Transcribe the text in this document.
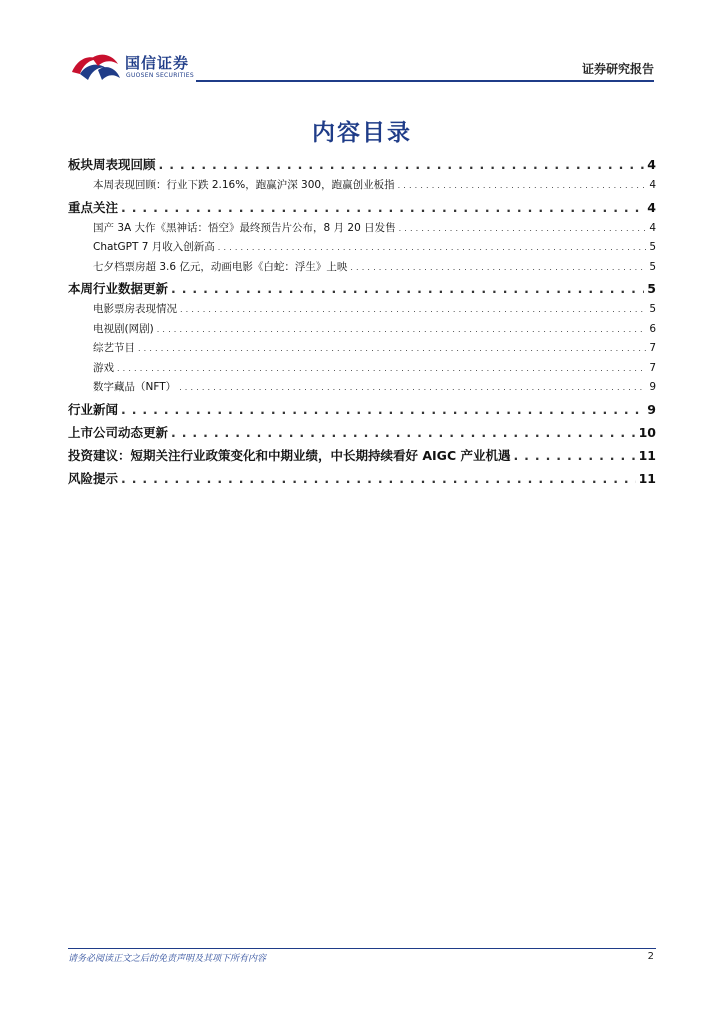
国信证券
GUOSEN SECURITIES	证券研究报告
内容目录
板块周表现回顾 . . .	4
本周表现回顾：行业下跌 2.16%，跑赢沪深 300，跑赢创业板指 . . .	4
重点关注 . . .	4
国产 3A 大作《黑神话：悟空》最终预告片公布，8 月 20 日发售 . . .	4
ChatGPT 7 月收入创新高 . . .	5
七夕档票房超 3.6 亿元，动画电影《白蛇：浮生》上映 . . .	5
本周行业数据更新 . . .	5
电影票房表现情况 . . .	5
电视剧(网剧) . . .	6
综艺节目 . . .	7
游戏 . . .	7
数字藏品（NFT） . . .	9
行业新闻 . . .	9
上市公司动态更新 . . .	10
投资建议：短期关注行业政策变化和中期业绩，中长期持续看好 AIGC 产业机遇 . . .	11
风险提示 . . .	11
请务必阅读正文之后的免责声明及其项下所有内容	2
